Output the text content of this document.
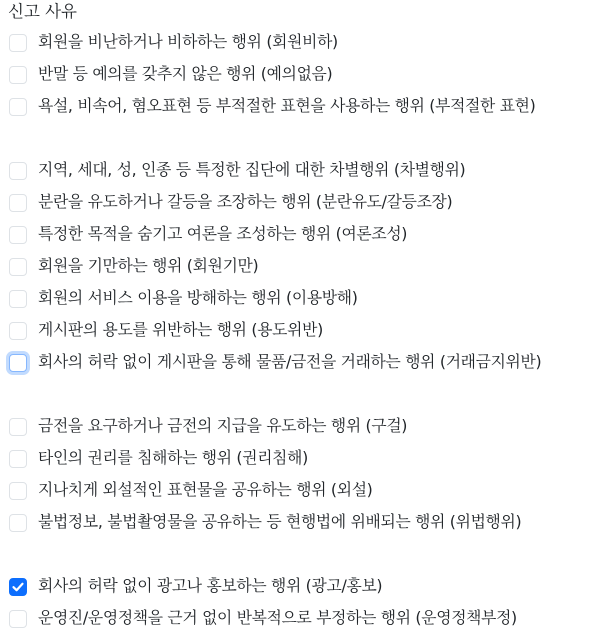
신고 사유
회원을 비난하거나 비하하는 행위 (회원비하)
반말 등 예의를 갖추지 않은 행위 (예의없음)
욕설, 비속어, 혐오표현 등 부적절한 표현을 사용하는 행위 (부적절한 표현)
지역, 세대, 성, 인종 등 특정한 집단에 대한 차별행위 (차별행위)
분란을 유도하거나 갈등을 조장하는 행위 (분란유도/갈등조장)
특정한 목적을 숨기고 여론을 조성하는 행위 (여론조성)
회원을 기만하는 행위 (회원기만)
회원의 서비스 이용을 방해하는 행위 (이용방해)
게시판의 용도를 위반하는 행위 (용도위반)
회사의 허락 없이 게시판을 통해 물품/금전을 거래하는 행위 (거래금지위반)
금전을 요구하거나 금전의 지급을 유도하는 행위 (구걸)
타인의 권리를 침해하는 행위 (권리침해)
지나치게 외설적인 표현물을 공유하는 행위 (외설)
불법정보, 불법촬영물을 공유하는 등 현행법에 위배되는 행위 (위법행위)
회사의 허락 없이 광고나 홍보하는 행위 (광고/홍보)
운영진/운영정책을 근거 없이 반복적으로 부정하는 행위 (운영정책부정)
